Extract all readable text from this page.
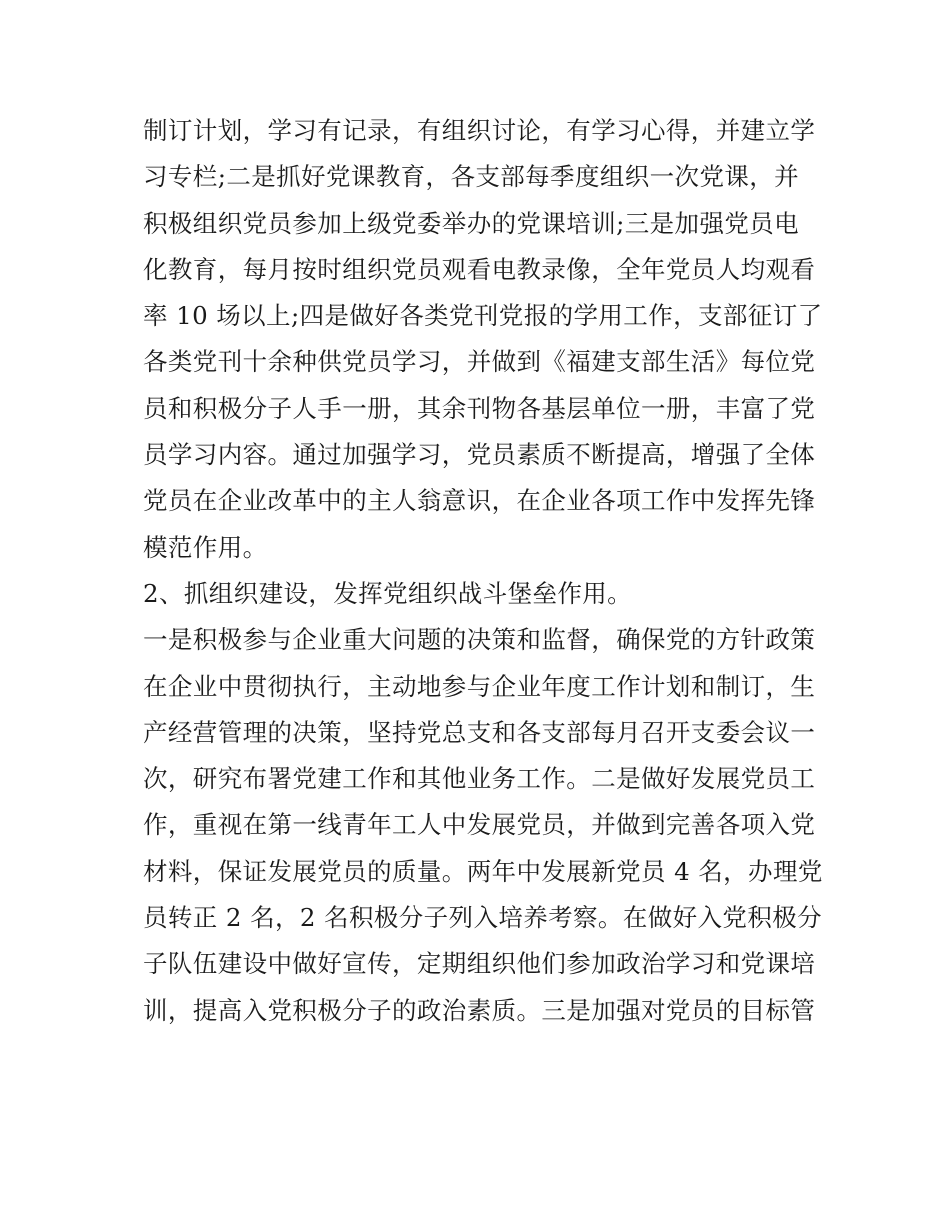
制订计划，学习有记录，有组织讨论，有学习心得，并建立学
习专栏;二是抓好党课教育，各支部每季度组织一次党课，并
积极组织党员参加上级党委举办的党课培训;三是加强党员电
化教育，每月按时组织党员观看电教录像，全年党员人均观看
率 10 场以上;四是做好各类党刊党报的学用工作，支部征订了
各类党刊十余种供党员学习，并做到《福建支部生活》每位党
员和积极分子人手一册，其余刊物各基层单位一册，丰富了党
员学习内容。通过加强学习，党员素质不断提高，增强了全体
党员在企业改革中的主人翁意识，在企业各项工作中发挥先锋
模范作用。
2、抓组织建设，发挥党组织战斗堡垒作用。
一是积极参与企业重大问题的决策和监督，确保党的方针政策
在企业中贯彻执行，主动地参与企业年度工作计划和制订，生
产经营管理的决策，坚持党总支和各支部每月召开支委会议一
次，研究布署党建工作和其他业务工作。二是做好发展党员工
作，重视在第一线青年工人中发展党员，并做到完善各项入党
材料，保证发展党员的质量。两年中发展新党员 4 名，办理党
员转正 2 名，2 名积极分子列入培养考察。在做好入党积极分
子队伍建设中做好宣传，定期组织他们参加政治学习和党课培
训，提高入党积极分子的政治素质。三是加强对党员的目标管
